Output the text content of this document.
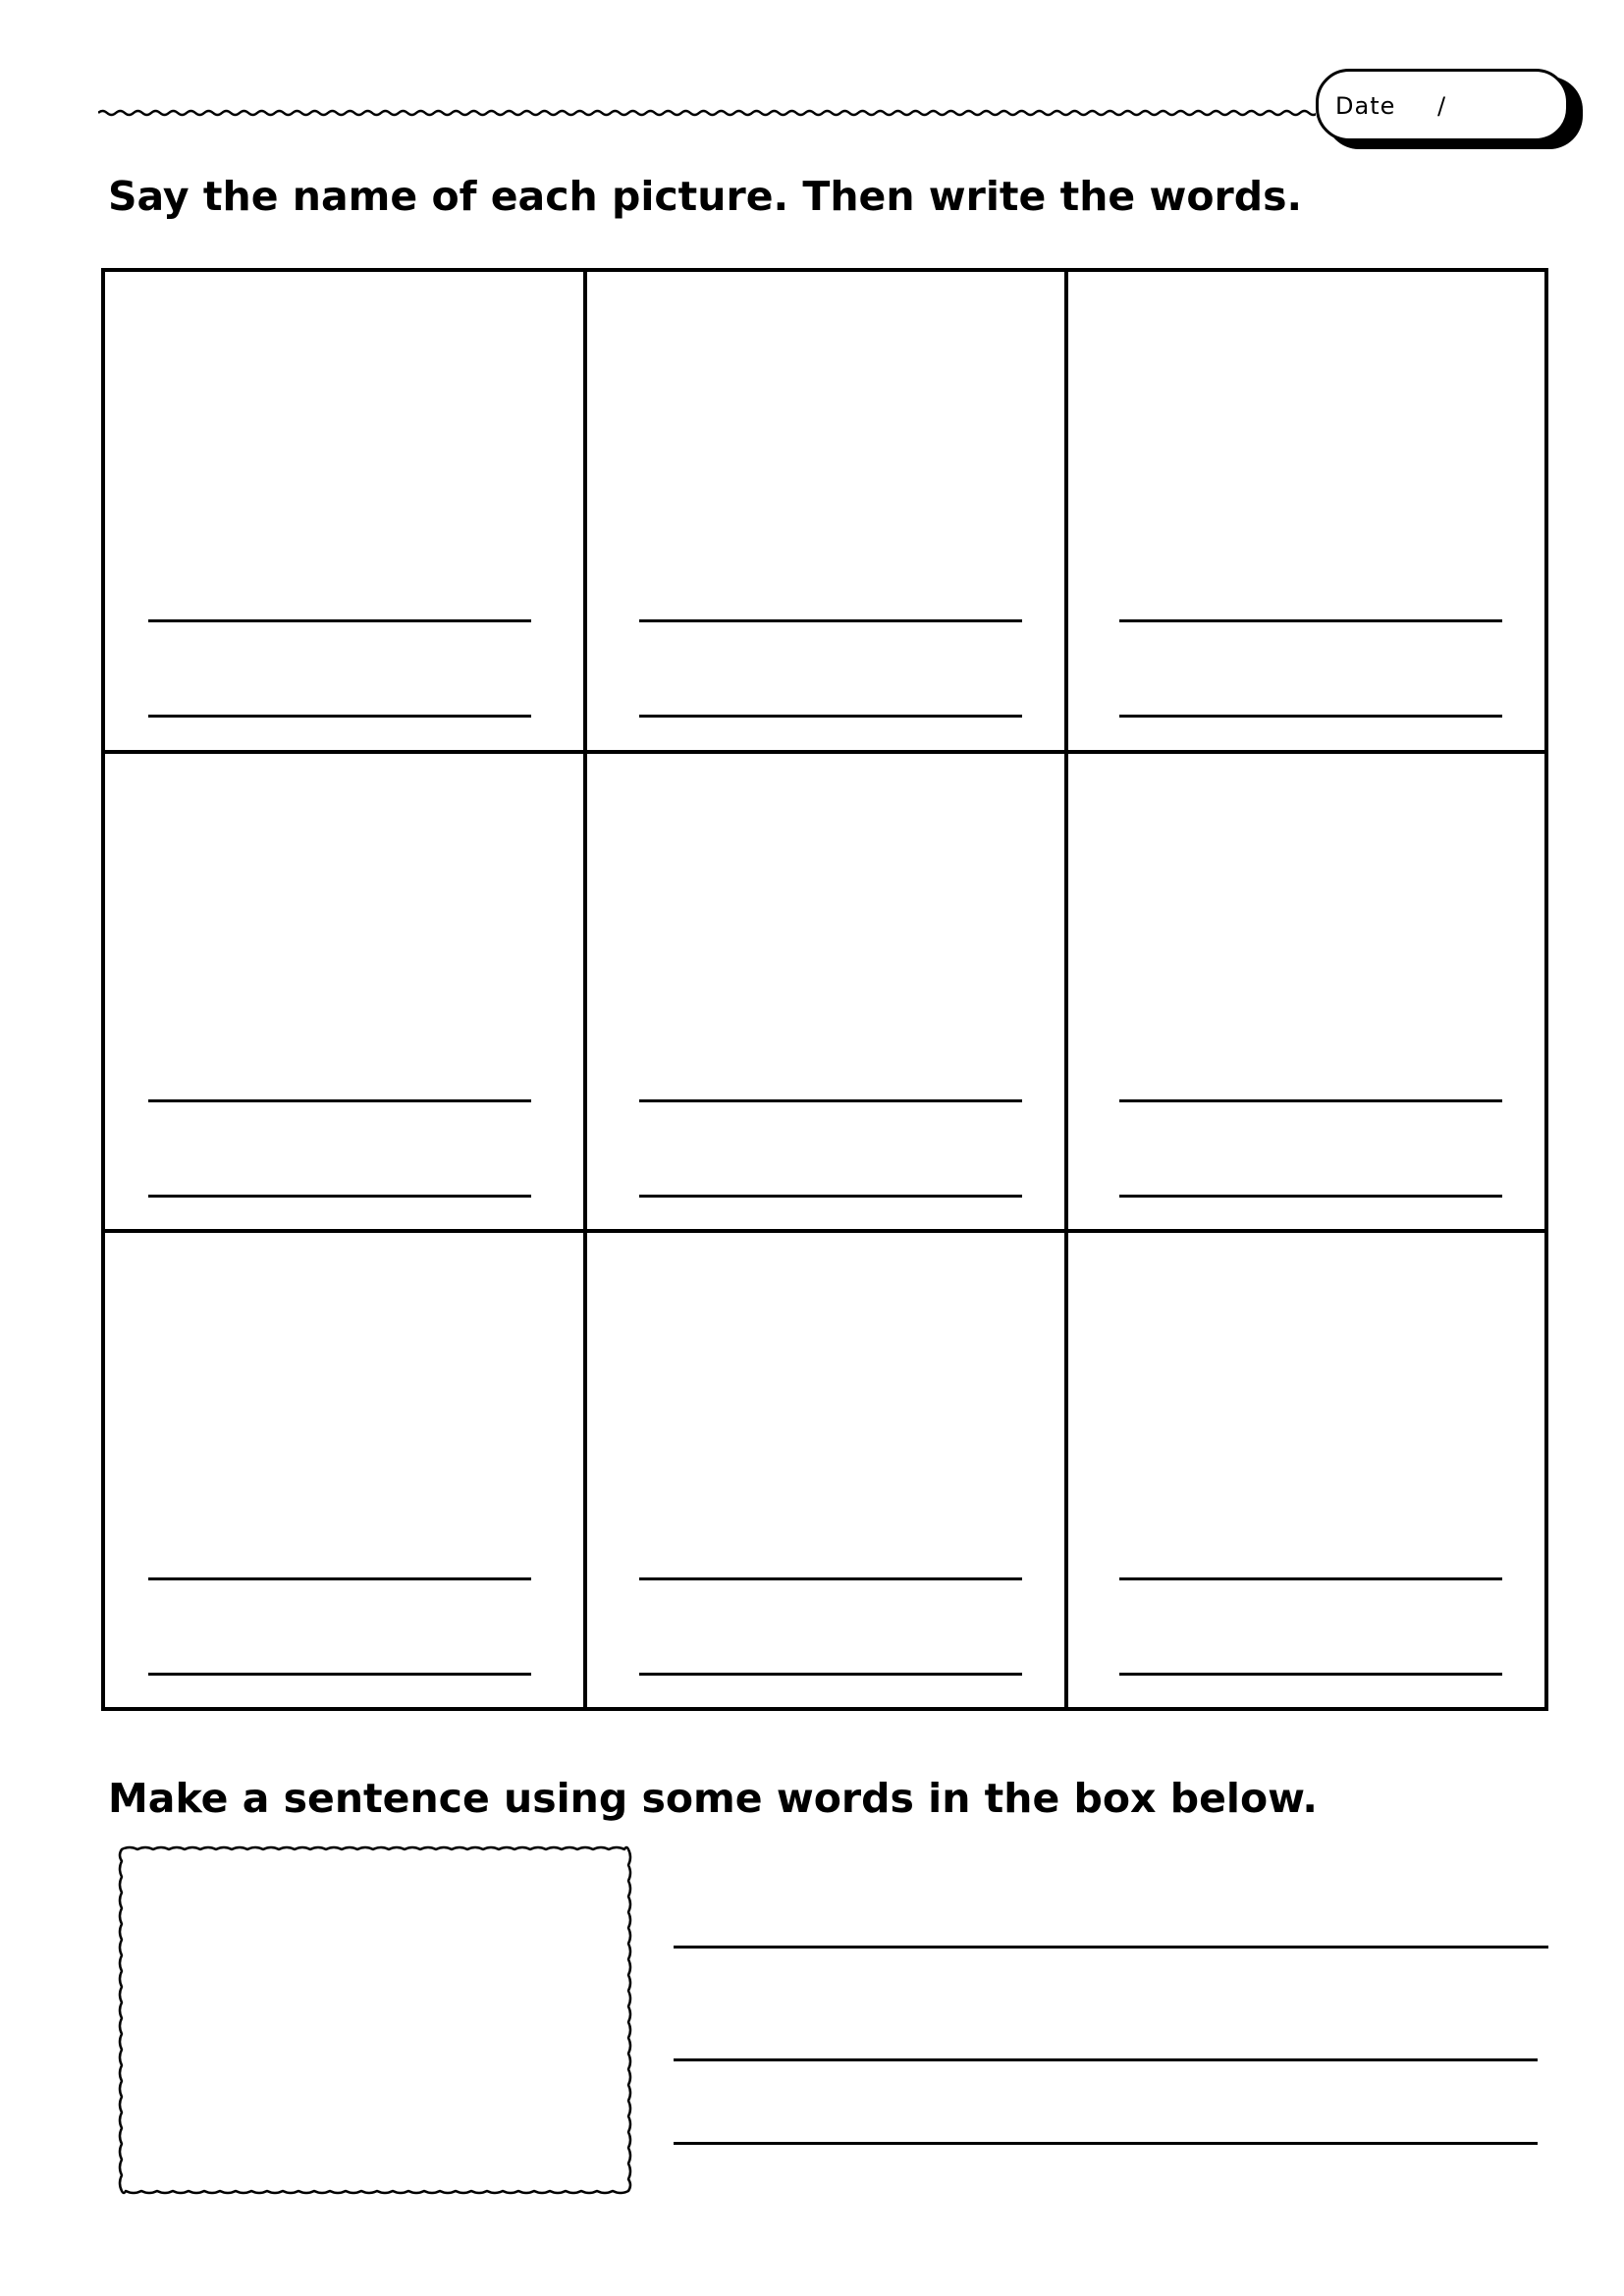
Date /
Say the name of each picture. Then write the words.
Make a sentence using some words in the box below.
